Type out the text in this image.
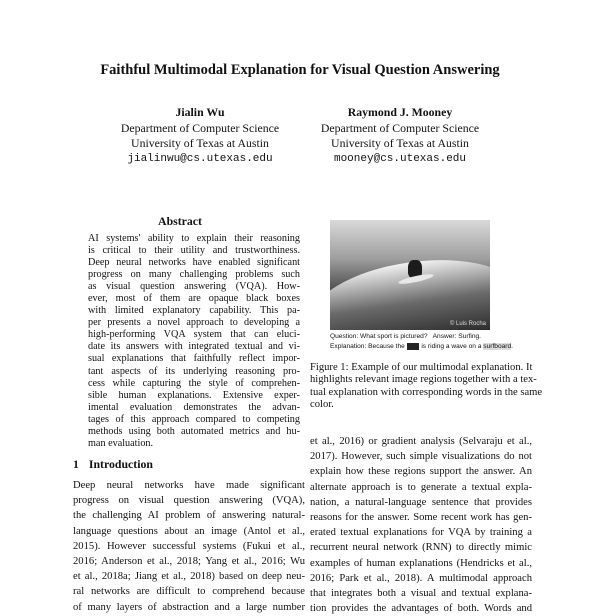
Faithful Multimodal Explanation for Visual Question Answering
Jialin Wu
Department of Computer Science
University of Texas at Austin
jialinwu@cs.utexas.edu
Raymond J. Mooney
Department of Computer Science
University of Texas at Austin
mooney@cs.utexas.edu
Abstract
AI systems' ability to explain their reasoning
is critical to their utility and trustworthiness.
Deep neural networks have enabled significant
progress on many challenging problems such
as visual question answering (VQA). How-
ever, most of them are opaque black boxes
with limited explanatory capability. This pa-
per presents a novel approach to developing a
high-performing VQA system that can eluci-
date its answers with integrated textual and vi-
sual explanations that faithfully reflect impor-
tant aspects of its underlying reasoning pro-
cess while capturing the style of comprehen-
sible human explanations. Extensive exper-
imental evaluation demonstrates the advan-
tages of this approach compared to competing
methods using both automated metrics and hu-
man evaluation.
1 Introduction
Deep neural networks have made significant
progress on visual question answering (VQA),
the challenging AI problem of answering natural-
language questions about an image (Antol et al.,
2015). However successful systems (Fukui et al.,
2016; Anderson et al., 2018; Yang et al., 2016; Wu
et al., 2018a; Jiang et al., 2018) based on deep neu-
ral networks are difficult to comprehend because
of many layers of abstraction and a large number
© Luis Rocha
Question: What sport is pictured? Answer: Surfing.
Explanation: Because the man is riding a wave on a surfboard.
Figure 1: Example of our multimodal explanation. It
highlights relevant image regions together with a tex-
tual explanation with corresponding words in the same
color.
et al., 2016) or gradient analysis (Selvaraju et al.,
2017). However, such simple visualizations do not
explain how these regions support the answer. An
alternate approach is to generate a textual expla-
nation, a natural-language sentence that provides
reasons for the answer. Some recent work has gen-
erated textual explanations for VQA by training a
recurrent neural network (RNN) to directly mimic
examples of human explanations (Hendricks et al.,
2016; Park et al., 2018). A multimodal approach
that integrates both a visual and textual explana-
tion provides the advantages of both. Words and
